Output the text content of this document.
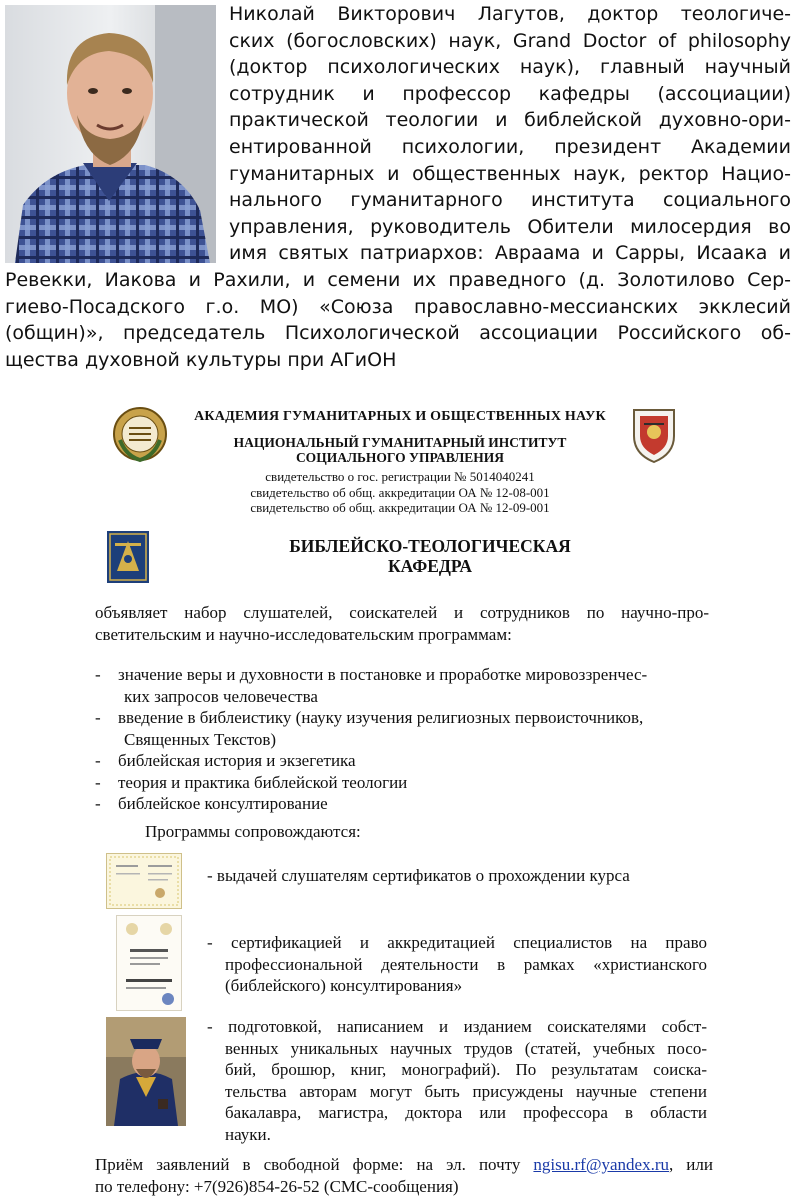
Николай Викторович Лагутов, доктор теологиче-
ских (богословских) наук, Grand Doctor of philosophy
(доктор психологических наук), главный научный
сотрудник и профессор кафедры (ассоциации)
практической теологии и библейской духовно-ори-
ентированной психологии, президент Академии
гуманитарных и общественных наук, ректор Нацио-
нального гуманитарного института социального
управления, руководитель Обители милосердия во
имя святых патриархов: Авраама и Сарры, Исаака и
Ревекки, Иакова и Рахили, и семени их праведного (д. Золотилово Сер-
гиево-Посадского г.о. МО) «Союза православно-мессианских экклесий
(общин)», председатель Психологической ассоциации Российского об-
щества духовной культуры при АГиОН
АКАДЕМИЯ ГУМАНИТАРНЫХ И ОБЩЕСТВЕННЫХ НАУК
НАЦИОНАЛЬНЫЙ ГУМАНИТАРНЫЙ ИНСТИТУТ
СОЦИАЛЬНОГО УПРАВЛЕНИЯ
свидетельство о гос. регистрации № 5014040241
свидетельство об общ. аккредитации ОА № 12-08-001
свидетельство об общ. аккредитации ОА № 12-09-001
БИБЛЕЙСКО-ТЕОЛОГИЧЕСКАЯ
КАФЕДРА
объявляет набор слушателей, соискателей и сотрудников по научно-про-
светительским и научно-исследовательским программам:
- значение веры и духовности в постановке и проработке мировоззренчес-
ких запросов человечества
- введение в библеистику (науку изучения религиозных первоисточников,
Священных Текстов)
- библейская история и экзегетика
- теория и практика библейской теологии
- библейское консултирование
Программы сопровождаются:
- выдачей слушателям сертификатов о прохождении курса
- сертификацией и аккредитацией специалистов на право
профессиональной деятельности в рамках «христианского
(библейского) консултирования»
- подготовкой, написанием и изданием соискателями собст-
венных уникальных научных трудов (статей, учебных посо-
бий, брошюр, книг, монографий). По результатам соиска-
тельства авторам могут быть присуждены научные степени
бакалавра, магистра, доктора или профессора в области
науки.
Приём заявлений в свободной форме: на эл. почту ngisu.rf@yandex.ru, или
по телефону: +7(926)854-26-52 (СМС-сообщения)
